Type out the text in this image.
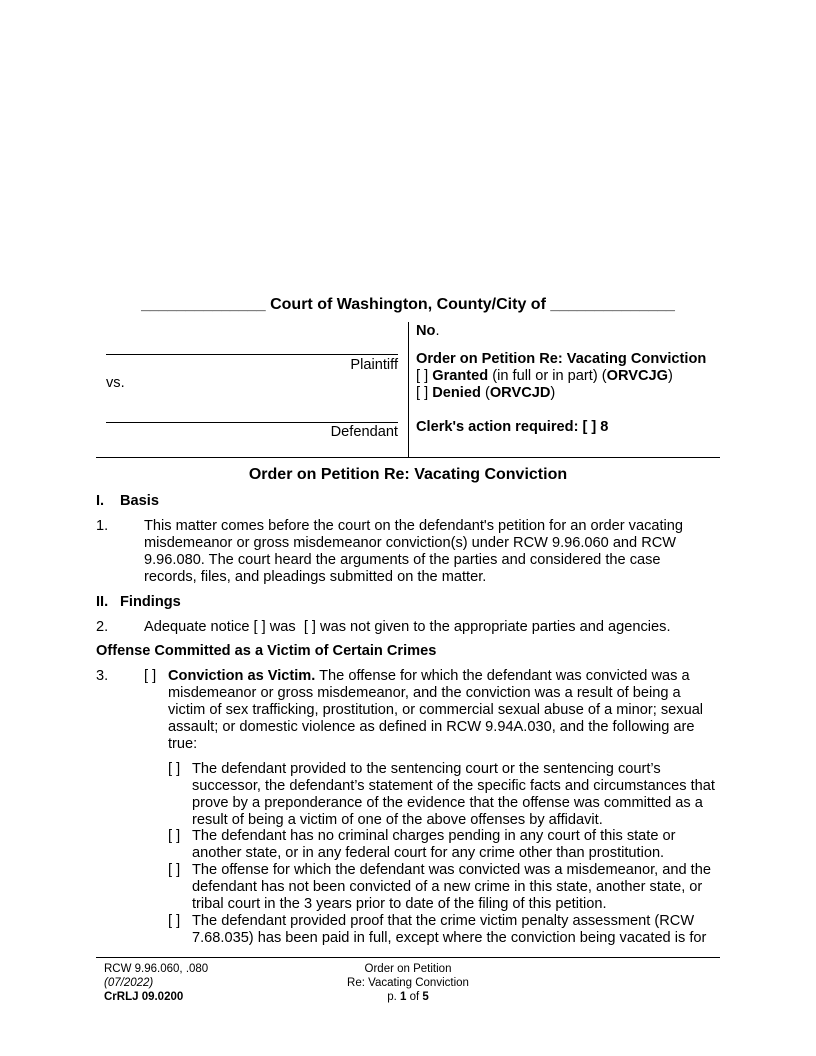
______________ Court of Washington, County/City of ______________
Plaintiff
vs.
Defendant
No.
Order on Petition Re: Vacating Conviction
[ ] Granted (in full or in part) (ORVCJG)
[ ] Denied (ORVCJD)
Clerk's action required: [ ] 8
Order on Petition Re: Vacating Conviction
I. Basis
1. This matter comes before the court on the defendant's petition for an order vacating
misdemeanor or gross misdemeanor conviction(s) under RCW 9.96.060 and RCW
9.96.080. The court heard the arguments of the parties and considered the case
records, files, and pleadings submitted on the matter.
II. Findings
2. Adequate notice [ ] was  [ ] was not given to the appropriate parties and agencies.
Offense Committed as a Victim of Certain Crimes
3. [ ] Conviction as Victim. The offense for which the defendant was convicted was a
misdemeanor or gross misdemeanor, and the conviction was a result of being a
victim of sex trafficking, prostitution, or commercial sexual abuse of a minor; sexual
assault; or domestic violence as defined in RCW 9.94A.030, and the following are
true:
[ ] The defendant provided to the sentencing court or the sentencing court’s
successor, the defendant’s statement of the specific facts and circumstances that
prove by a preponderance of the evidence that the offense was committed as a
result of being a victim of one of the above offenses by affidavit.
[ ] The defendant has no criminal charges pending in any court of this state or
another state, or in any federal court for any crime other than prostitution.
[ ] The offense for which the defendant was convicted was a misdemeanor, and the
defendant has not been convicted of a new crime in this state, another state, or
tribal court in the 3 years prior to date of the filing of this petition.
[ ] The defendant provided proof that the crime victim penalty assessment (RCW
7.68.035) has been paid in full, except where the conviction being vacated is for
RCW 9.96.060, .080
(07/2022)
CrRLJ 09.0200
Order on Petition
Re: Vacating Conviction
p. 1 of 5
